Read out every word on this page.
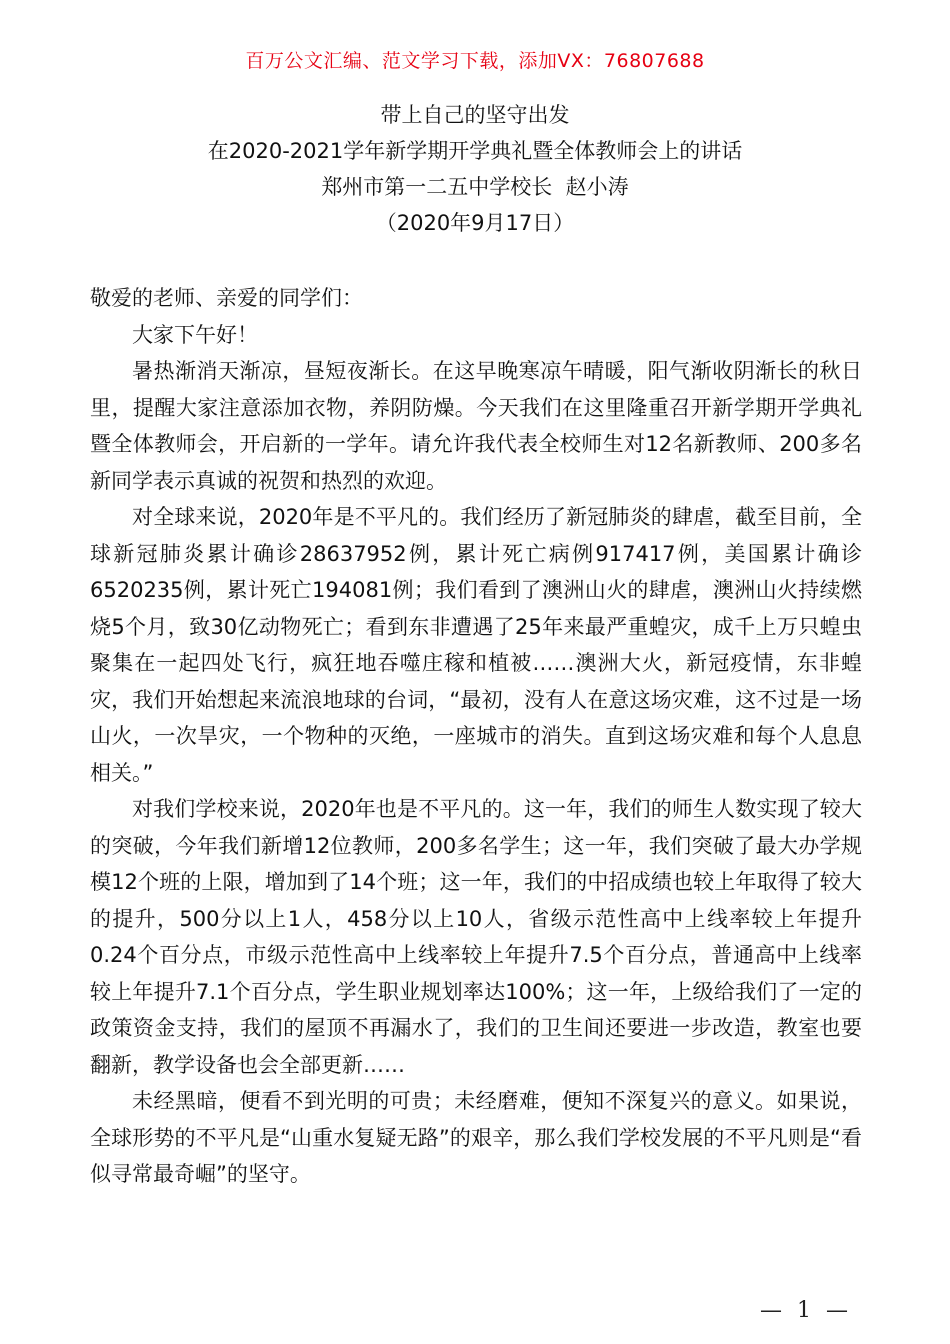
百万公文汇编、范文学习下载，添加VX：76807688
带上自己的坚守出发
在2020-2021学年新学期开学典礼暨全体教师会上的讲话
郑州市第一二五中学校长  赵小涛
（2020年9月17日）

敬爱的老师、亲爱的同学们：

大家下午好！

暑热渐消天渐凉，昼短夜渐长。在这早晚寒凉午晴暖，阳气渐收阴渐长的秋日里，提醒大家注意添加衣物，养阴防燥。今天我们在这里隆重召开新学期开学典礼暨全体教师会，开启新的一学年。请允许我代表全校师生对12名新教师、200多名新同学表示真诚的祝贺和热烈的欢迎。

对全球来说，2020年是不平凡的。我们经历了新冠肺炎的肆虐，截至目前，全球新冠肺炎累计确诊28637952例，累计死亡病例917417例，美国累计确诊6520235例，累计死亡194081例；我们看到了澳洲山火的肆虐，澳洲山火持续燃烧5个月，致30亿动物死亡；看到东非遭遇了25年来最严重蝗灾，成千上万只蝗虫聚集在一起四处飞行，疯狂地吞噬庄稼和植被……澳洲大火，新冠疫情，东非蝗灾，我们开始想起来流浪地球的台词，“最初，没有人在意这场灾难，这不过是一场山火，一次旱灾，一个物种的灭绝，一座城市的消失。直到这场灾难和每个人息息相关。”

对我们学校来说，2020年也是不平凡的。这一年，我们的师生人数实现了较大的突破，今年我们新增12位教师，200多名学生；这一年，我们突破了最大办学规模12个班的上限，增加到了14个班；这一年，我们的中招成绩也较上年取得了较大的提升，500分以上1人，458分以上10人，省级示范性高中上线率较上年提升0.24个百分点，市级示范性高中上线率较上年提升7.5个百分点，普通高中上线率较上年提升7.1个百分点，学生职业规划率达100%；这一年，上级给我们了一定的政策资金支持，我们的屋顶不再漏水了，我们的卫生间还要进一步改造，教室也要翻新，教学设备也会全部更新……

未经黑暗，便看不到光明的可贵；未经磨难，便知不深复兴的意义。如果说，全球形势的不平凡是“山重水复疑无路”的艰辛，那么我们学校发展的不平凡则是“看似寻常最奇崛”的坚守。

— 1 —
